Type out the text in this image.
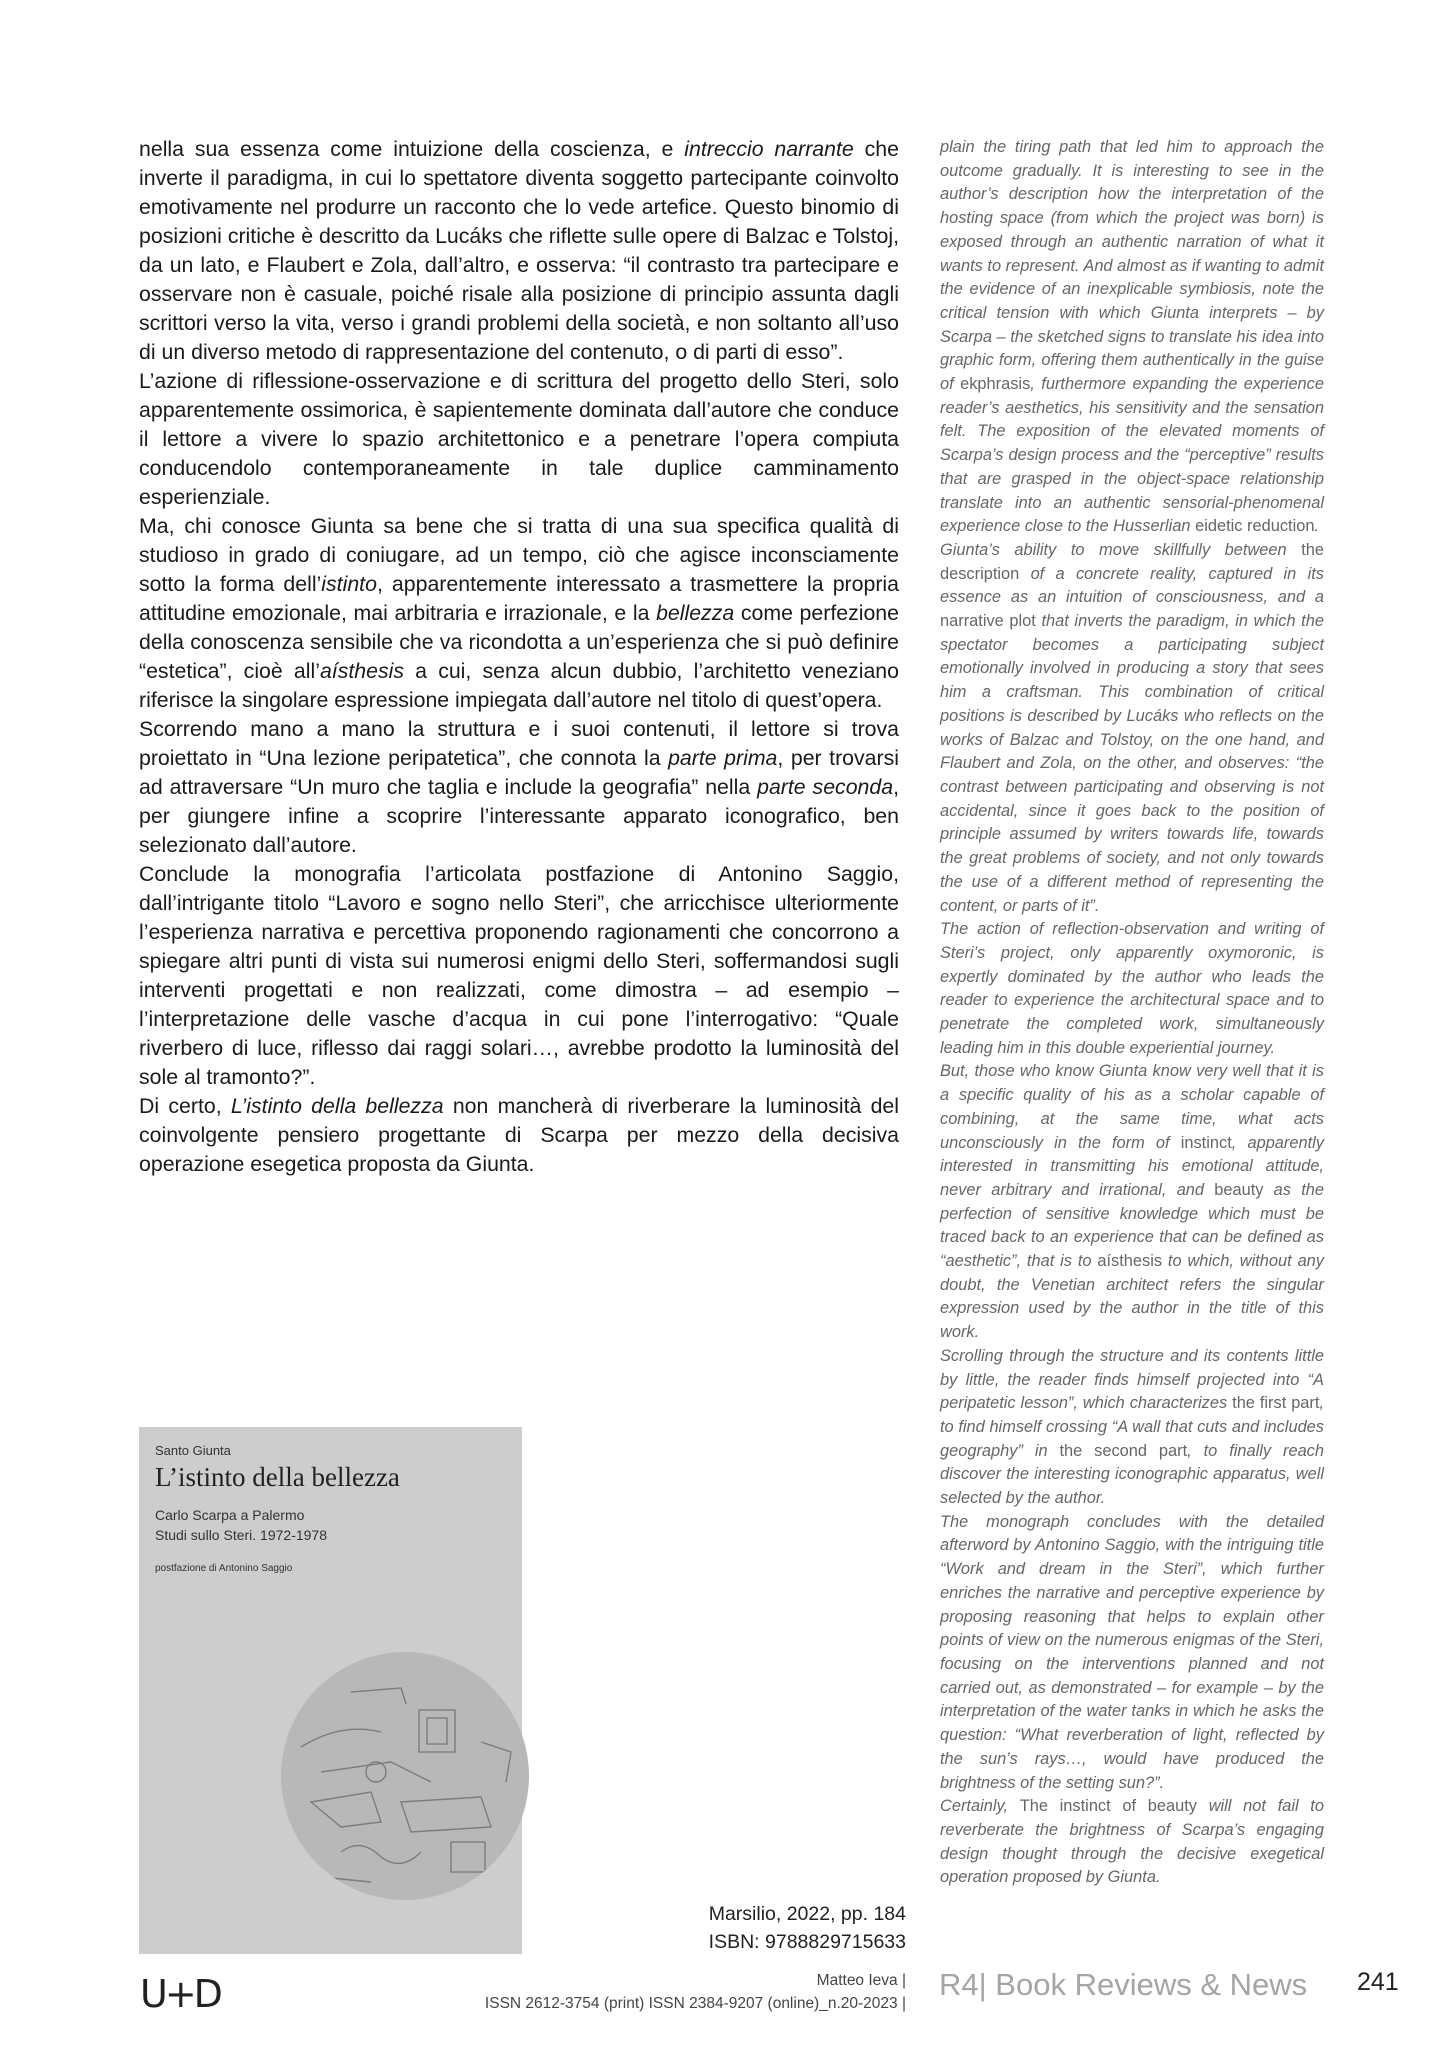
nella sua essenza come intuizione della coscienza, e intreccio narrante che inverte il paradigma, in cui lo spettatore diventa soggetto partecipante coinvolto emotivamente nel produrre un racconto che lo vede artefice. Questo binomio di posizioni critiche è descritto da Lucáks che riflette sulle opere di Balzac e Tolstoj, da un lato, e Flaubert e Zola, dall’altro, e osserva: “il contrasto tra partecipare e osservare non è casuale, poiché risale alla posizione di principio assunta dagli scrittori verso la vita, verso i grandi problemi della società, e non soltanto all’uso di un diverso metodo di rappresentazione del contenuto, o di parti di esso”.

L’azione di riflessione-osservazione e di scrittura del progetto dello Steri, solo apparentemente ossimorica, è sapientemente dominata dall’autore che conduce il lettore a vivere lo spazio architettonico e a penetrare l’opera compiuta conducendolo contemporaneamente in tale duplice camminamento esperienziale.

Ma, chi conosce Giunta sa bene che si tratta di una sua specifica qualità di studioso in grado di coniugare, ad un tempo, ciò che agisce inconsciamente sotto la forma dell’istinto, apparentemente interessato a trasmettere la propria attitudine emozionale, mai arbitraria e irrazionale, e la bellezza come perfezione della conoscenza sensibile che va ricondotta a un’esperienza che si può definire “estetica”, cioè all’aísthesis a cui, senza alcun dubbio, l’architetto veneziano riferisce la singolare espressione impiegata dall’autore nel titolo di quest’opera.

Scorrendo mano a mano la struttura e i suoi contenuti, il lettore si trova proiettato in “Una lezione peripatetica”, che connota la parte prima, per trovarsi ad attraversare “Un muro che taglia e include la geografia” nella parte seconda, per giungere infine a scoprire l’interessante apparato iconografico, ben selezionato dall’autore.

Conclude la monografia l’articolata postfazione di Antonino Saggio, dall’intrigante titolo “Lavoro e sogno nello Steri”, che arricchisce ulteriormente l’esperienza narrativa e percettiva proponendo ragionamenti che concorrono a spiegare altri punti di vista sui numerosi enigmi dello Steri, soffermandosi sugli interventi progettati e non realizzati, come dimostra – ad esempio – l’interpretazione delle vasche d’acqua in cui pone l’interrogativo: “Quale riverbero di luce, riflesso dai raggi solari…, avrebbe prodotto la luminosità del sole al tramonto?”.

Di certo, L’istinto della bellezza non mancherà di riverberare la luminosità del coinvolgente pensiero progettante di Scarpa per mezzo della decisiva operazione esegetica proposta da Giunta.

plain the tiring path that led him to approach the outcome gradually. It is interesting to see in the author’s description how the interpretation of the hosting space (from which the project was born) is exposed through an authentic narration of what it wants to represent. And almost as if wanting to admit the evidence of an inexplicable symbiosis, note the critical tension with which Giunta interprets – by Scarpa – the sketched signs to translate his idea into graphic form, offering them authentically in the guise of ekphrasis, furthermore expanding the experience reader’s aesthetics, his sensitivity and the sensation felt. The exposition of the elevated moments of Scarpa’s design process and the “perceptive” results that are grasped in the object-space relationship translate into an authentic sensorial-phenomenal experience close to the Husserlian eidetic reduction.

Giunta’s ability to move skillfully between the description of a concrete reality, captured in its essence as an intuition of consciousness, and a narrative plot that inverts the paradigm, in which the spectator becomes a participating subject emotionally involved in producing a story that sees him a craftsman. This combination of critical positions is described by Lucáks who reflects on the works of Balzac and Tolstoy, on the one hand, and Flaubert and Zola, on the other, and observes: “the contrast between participating and observing is not accidental, since it goes back to the position of principle assumed by writers towards life, towards the great problems of society, and not only towards the use of a different method of representing the content, or parts of it”.

The action of reflection-observation and writing of Steri’s project, only apparently oxymoronic, is expertly dominated by the author who leads the reader to experience the architectural space and to penetrate the completed work, simultaneously leading him in this double experiential journey.

But, those who know Giunta know very well that it is a specific quality of his as a scholar capable of combining, at the same time, what acts unconsciously in the form of instinct, apparently interested in transmitting his emotional attitude, never arbitrary and irrational, and beauty as the perfection of sensitive knowledge which must be traced back to an experience that can be defined as “aesthetic”, that is to aísthesis to which, without any doubt, the Venetian architect refers the singular expression used by the author in the title of this work.

Scrolling through the structure and its contents little by little, the reader finds himself projected into “A peripatetic lesson”, which characterizes the first part, to find himself crossing “A wall that cuts and includes geography” in the second part, to finally reach discover the interesting iconographic apparatus, well selected by the author.

The monograph concludes with the detailed afterword by Antonino Saggio, with the intriguing title “Work and dream in the Steri”, which further enriches the narrative and perceptive experience by proposing reasoning that helps to explain other points of view on the numerous enigmas of the Steri, focusing on the interventions planned and not carried out, as demonstrated – for example – by the interpretation of the water tanks in which he asks the question: “What reverberation of light, reflected by the sun’s rays…, would have produced the brightness of the setting sun?”.

Certainly, The instinct of beauty will not fail to reverberate the brightness of Scarpa’s engaging design thought through the decisive exegetical operation proposed by Giunta.

Santo Giunta
L’istinto della bellezza
Carlo Scarpa a Palermo
Studi sullo Steri. 1972-1978
postfazione di Antonino Saggio
Marsilio, 2022, pp. 184
ISBN: 9788829715633
U+D	Matteo Ieva |
ISSN 2612-3754 (print) ISSN 2384-9207 (online)_n.20-2023 |
R4| Book Reviews & News 241
